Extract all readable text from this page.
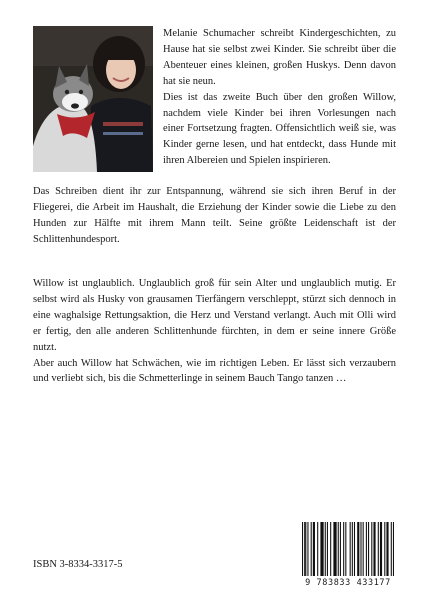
Melanie Schumacher schreibt Kindergeschichten, zu Hause hat sie selbst zwei Kinder. Sie schreibt über die Abenteuer eines kleinen, großen Huskys. Denn davon hat sie neun.

Dies ist das zweite Buch über den großen Willow, nachdem viele Kinder bei ihren Vorlesungen nach einer Fortsetzung fragten. Offensichtlich weiß sie, was Kinder gerne lesen, und hat entdeckt, dass Hunde mit ihren Albereien und Spielen inspirieren.

Das Schreiben dient ihr zur Entspannung, während sie sich ihren Beruf in der Fliegerei, die Arbeit im Haushalt, die Erziehung der Kinder sowie die Liebe zu den Hunden zur Hälfte mit ihrem Mann teilt. Seine größte Leidenschaft ist der Schlittenhundesport.

Willow ist unglaublich. Unglaublich groß für sein Alter und unglaublich mutig. Er selbst wird als Husky von grausamen Tierfängern verschleppt, stürzt sich dennoch in eine waghalsige Rettungsaktion, die Herz und Verstand verlangt. Auch mit Olli wird er fertig, den alle anderen Schlittenhunde fürchten, in dem er seine innere Größe nutzt.

Aber auch Willow hat Schwächen, wie im richtigen Leben. Er lässt sich verzaubern und verliebt sich, bis die Schmetterlinge in seinem Bauch Tango tanzen …

ISBN 3-8334-3317-5
9 783833 433177
